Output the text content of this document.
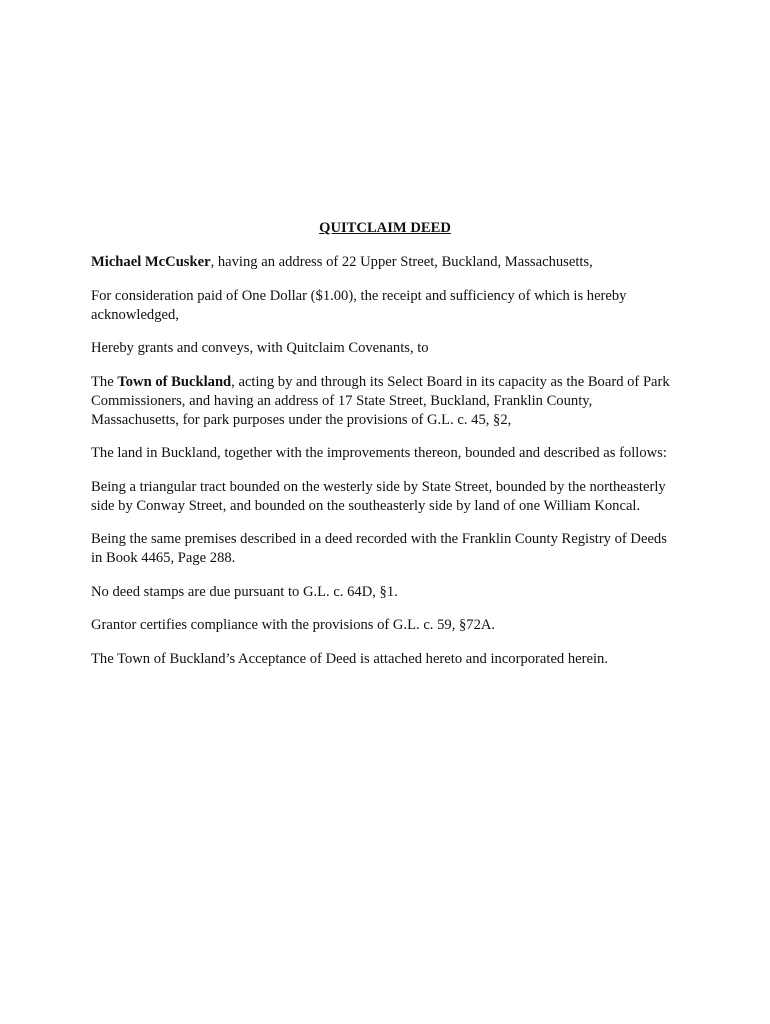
QUITCLAIM DEED

Michael McCusker, having an address of 22 Upper Street, Buckland, Massachusetts,

For consideration paid of One Dollar ($1.00), the receipt and sufficiency of which is hereby acknowledged,

Hereby grants and conveys, with Quitclaim Covenants, to

The Town of Buckland, acting by and through its Select Board in its capacity as the Board of Park Commissioners, and having an address of 17 State Street, Buckland, Franklin County, Massachusetts, for park purposes under the provisions of G.L. c. 45, §2,

The land in Buckland, together with the improvements thereon, bounded and described as follows:

Being a triangular tract bounded on the westerly side by State Street, bounded by the northeasterly side by Conway Street, and bounded on the southeasterly side by land of one William Koncal.

Being the same premises described in a deed recorded with the Franklin County Registry of Deeds in Book 4465, Page 288.

No deed stamps are due pursuant to G.L. c. 64D, §1.

Grantor certifies compliance with the provisions of G.L. c. 59, §72A.

The Town of Buckland’s Acceptance of Deed is attached hereto and incorporated herein.
